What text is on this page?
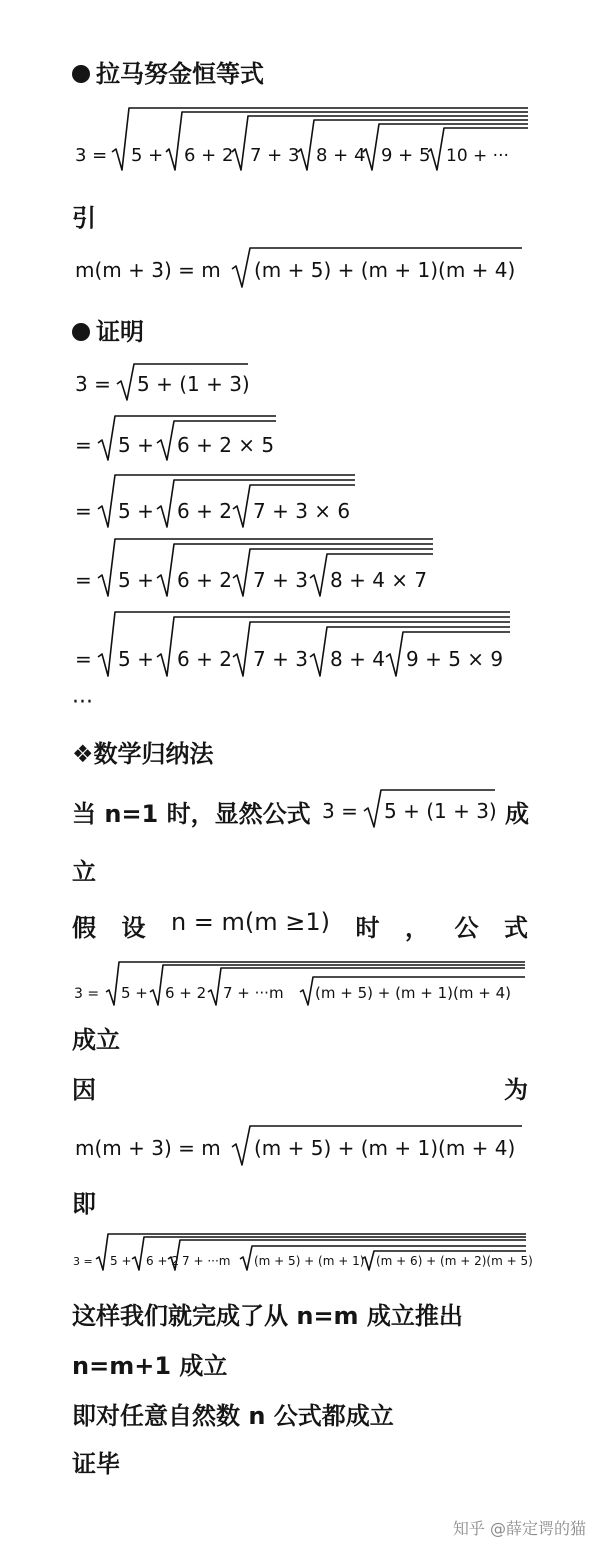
拉马努金恒等式
3 = 5 + 6 + 2 7 + 3 8 + 4 9 + 5 10 + ···
引
m(m + 3) = m (m + 5) + (m + 1)(m + 4)
证明
3 = 5 + (1 + 3)
= 5 + 6 + 2 × 5
= 5 + 6 + 2 7 + 3 × 6
= 5 + 6 + 2 7 + 3 8 + 4 × 7
= 5 + 6 + 2 7 + 3 8 + 4 9 + 5 × 9
···
❖数学归纳法
当 n=1 时，显然公式 3 = 5 + (1 + 3) 成
立
假 设 n = m(m ≥1) 时 ， 公 式
3 = 5 + 6 + 2 7 + ···m (m + 5) + (m + 1)(m + 4)
成立
因	为
m(m + 3) = m (m + 5) + (m + 1)(m + 4)
即
3 = 5 + 6 + 2 7 + ···m (m + 5) + (m + 1) (m + 6) + (m + 2)(m + 5)
这样我们就完成了从 n=m 成立推出
n=m+1 成立
即对任意自然数 n 公式都成立
证毕
知乎 @薛定谔的猫
